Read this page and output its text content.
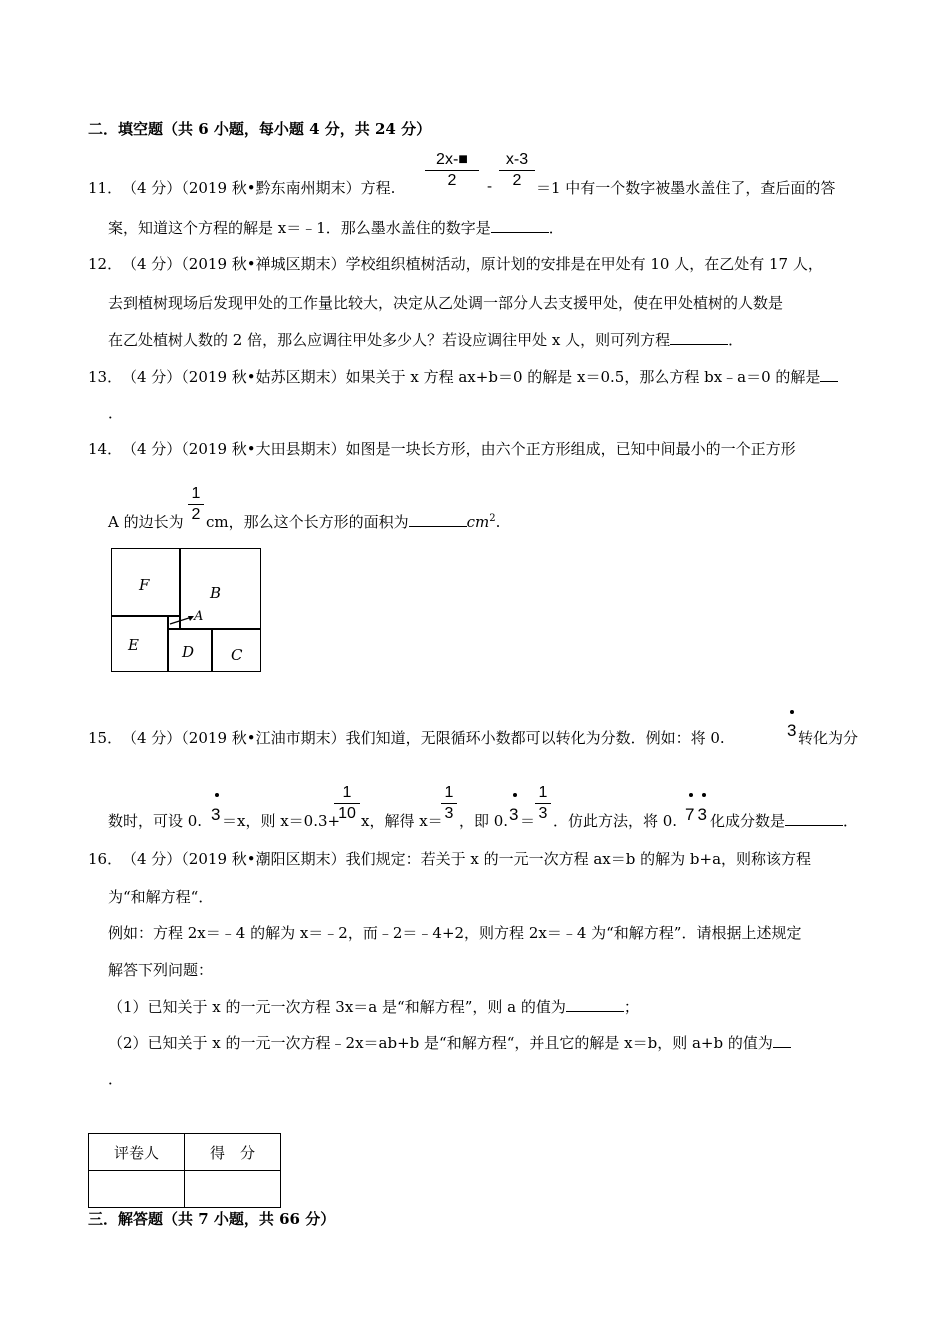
二．填空题（共 6 小题，每小题 4 分，共 24 分）
11． （4 分）（2019 秋•黔东南州期末）方程.
2x-■
2	-
x-3
2 ＝1 中有一个数字被墨水盖住了，查后面的答
案，知道这个方程的解是 x＝﹣1．那么墨水盖住的数字是	．
12． （4 分）（2019 秋•禅城区期末）学校组织植树活动，原计划的安排是在甲处有 10 人，在乙处有 17 人，
去到植树现场后发现甲处的工作量比较大，决定从乙处调一部分人去支援甲处，使在甲处植树的人数是
在乙处植树人数的 2 倍，那么应调往甲处多少人？若设应调往甲处 x 人，则可列方程	．
13． （4 分）（2019 秋•姑苏区期末）如果关于 x 方程 ax+b＝0 的解是 x＝0.5，那么方程 bx﹣a＝0 的解是
．
14． （4 分）（2019 秋•大田县期末）如图是一块长方形，由六个正方形组成，已知中间最小的一个正方形
A 的边长为
1
2 cm，那么这个长方形的面积为	$cm^2$.
F	B
A
E	D C
15． （4 分）（2019 秋•江油市期末）我们知道，无限循环小数都可以转化为分数．例如：将 0.	3 转化为分
数时，可设 0. 3 ＝x，则 x＝0.3+
1
10 x，解得 x＝
1
3 ，即 0. 3 ＝
1
3 ．仿此方法，将 0. 73 化成分数是	．
16． （4 分）（2019 秋•潮阳区期末）我们规定：若关于 x 的一元一次方程 ax＝b 的解为 b+a，则称该方程
为“和解方程“．
例如：方程 2x＝﹣4 的解为 x＝﹣2，而﹣2＝﹣4+2，则方程 2x＝﹣4 为“和解方程”．请根据上述规定
解答下列问题：
（1）已知关于 x 的一元一次方程 3x＝a 是“和解方程”，则 a 的值为	；
（2）已知关于 x 的一元一次方程﹣2x＝ab+b 是“和解方程“，并且它的解是 x＝b，则 a+b 的值为
．
评卷人	得　分

三．解答题（共 7 小题，共 66 分）
